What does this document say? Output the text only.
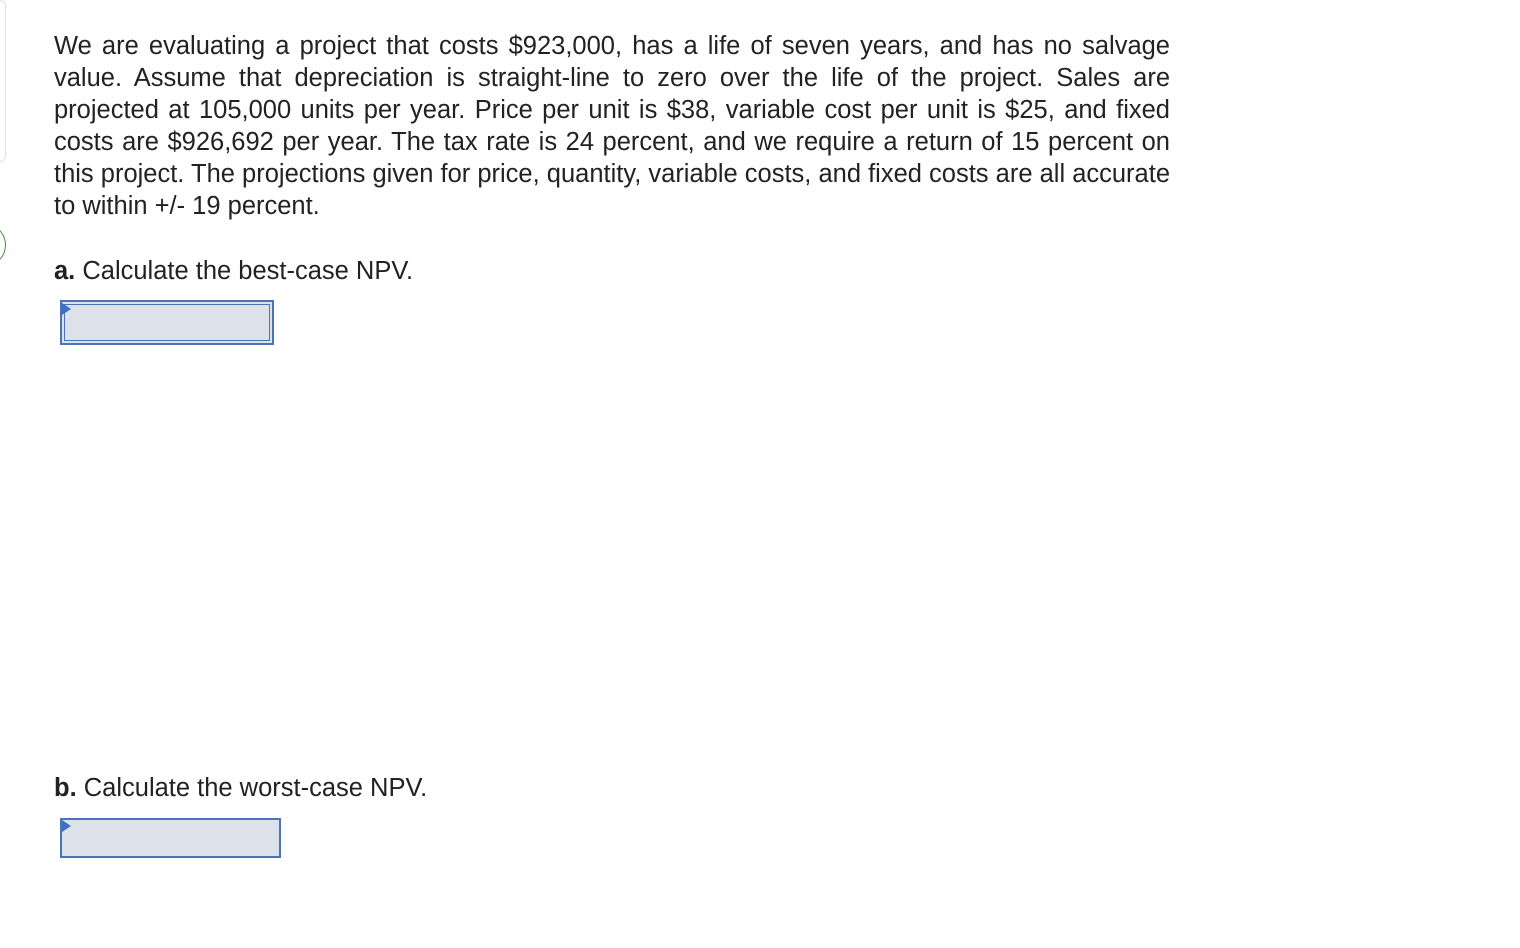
We are evaluating a project that costs $923,000, has a life of seven years, and has no salvage value. Assume that depreciation is straight-line to zero over the life of the project. Sales are projected at 105,000 units per year. Price per unit is $38, variable cost per unit is $25, and fixed costs are $926,692 per year. The tax rate is 24 percent, and we require a return of 15 percent on this project. The projections given for price, quantity, variable costs, and fixed costs are all accurate to within +/- 19 percent.

a. Calculate the best-case NPV.

b. Calculate the worst-case NPV.
